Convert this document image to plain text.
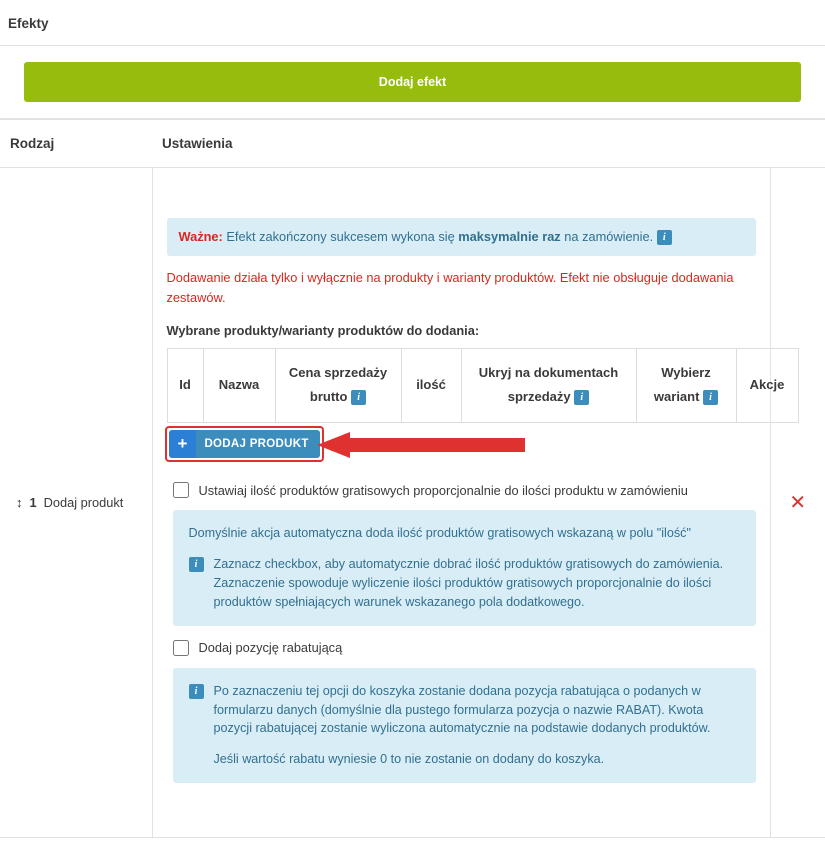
Efekty
Dodaj efekt
Rodzaj	Ustawienia	

↕ 1 Dodaj produkt

Ważne: Efekt zakończony sukcesem wykona się maksymalnie raz na zamówienie. i
Dodawanie działa tylko i wyłącznie na produkty i warianty produktów. Efekt nie obsługuje dodawania zestawów.
Wybrane produkty/warianty produktów do dodania:
Id	Nazwa	Cena sprzedaży brutto i	ilość	Ukryj na dokumentach sprzedaży i	Wybierz wariant i	Akcje
+	DODAJ PRODUKT
Ustawiaj ilość produktów gratisowych proporcjonalnie do ilości produktu w zamówieniu

Domyślnie akcja automatyczna doda ilość produktów gratisowych wskazaną w polu "ilość"

i	Zaznacz checkbox, aby automatycznie dobrać ilość produktów gratisowych do zamówienia. Zaznaczenie spowoduje wyliczenie ilości produktów gratisowych proporcjonalnie do ilości produktów spełniających warunek wskazanego pola dodatkowego.

Dodaj pozycję rabatującą
i	Po zaznaczeniu tej opcji do koszyka zostanie dodana pozycja rabatująca o podanych w formularzu danych (domyślnie dla pustego formularza pozycja o nazwie RABAT). Kwota pozycji rabatującej zostanie wyliczona automatycznie na podstawie dodanych produktów.

Jeśli wartość rabatu wyniesie 0 to nie zostanie on dodany do koszyka.

	✕
